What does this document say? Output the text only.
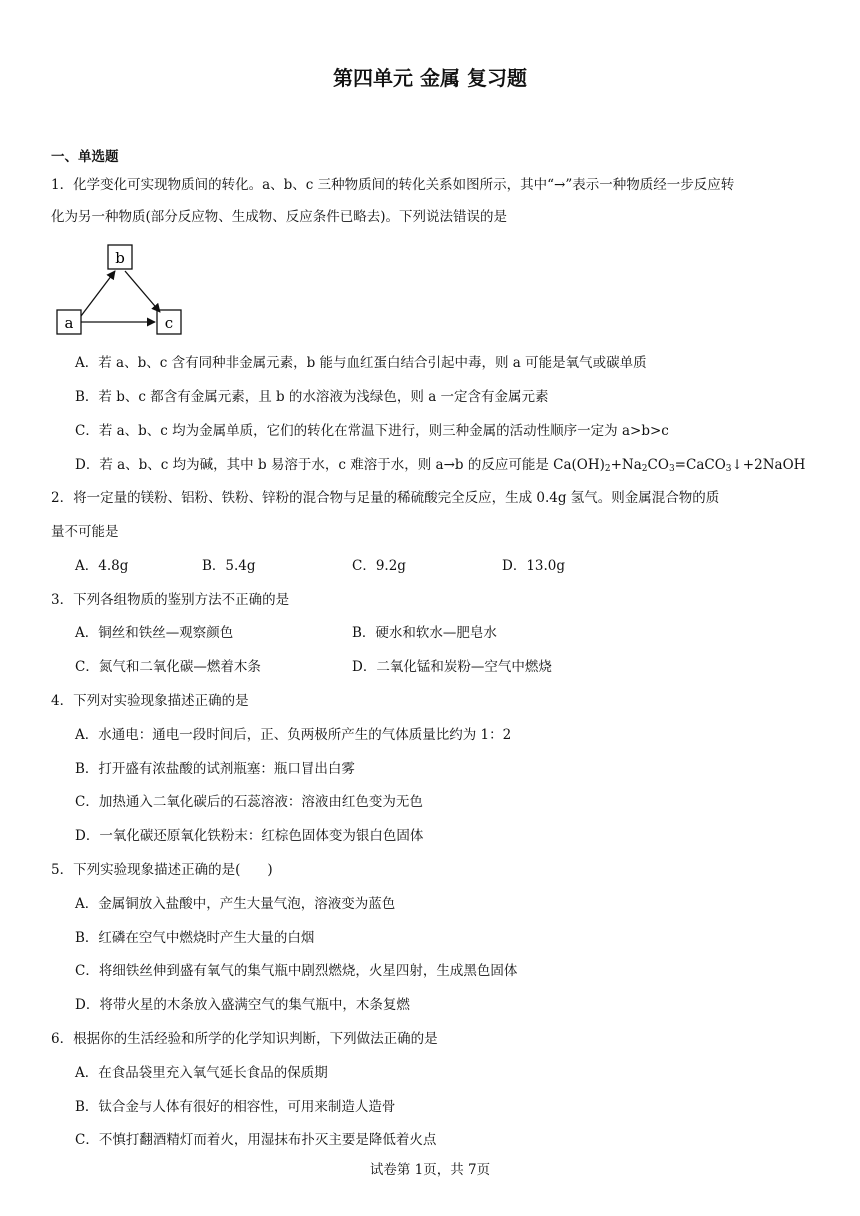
第四单元 金属 复习题
一、单选题
1．化学变化可实现物质间的转化。a、b、c 三种物质间的转化关系如图所示，其中“→”表示一种物质经一步反应转
化为另一种物质(部分反应物、生成物、反应条件已略去)。下列说法错误的是
b
a	c
A．若 a、b、c 含有同种非金属元素，b 能与血红蛋白结合引起中毒，则 a 可能是氧气或碳单质
B．若 b、c 都含有金属元素，且 b 的水溶液为浅绿色，则 a 一定含有金属元素
C．若 a、b、c 均为金属单质，它们的转化在常温下进行，则三种金属的活动性顺序一定为 a>b>c
D．若 a、b、c 均为碱，其中 b 易溶于水，c 难溶于水，则 a→b 的反应可能是 $Ca(OH)_2+Na_2CO_3=CaCO_3↓+2NaOH$
2．将一定量的镁粉、铝粉、铁粉、锌粉的混合物与足量的稀硫酸完全反应，生成 0.4g 氢气。则金属混合物的质
量不可能是
A．4.8g	B．5.4g	C．9.2g	D．13.0g
3．下列各组物质的鉴别方法不正确的是
A．铜丝和铁丝—观察颜色	B．硬水和软水—肥皂水
C．氮气和二氧化碳—燃着木条	D．二氧化锰和炭粉—空气中燃烧
4．下列对实验现象描述正确的是
A．水通电：通电一段时间后，正、负两极所产生的气体质量比约为 1：2
B．打开盛有浓盐酸的试剂瓶塞：瓶口冒出白雾
C．加热通入二氧化碳后的石蕊溶液：溶液由红色变为无色
D．一氧化碳还原氧化铁粉末：红棕色固体变为银白色固体
5．下列实验现象描述正确的是(　　)
A．金属铜放入盐酸中，产生大量气泡，溶液变为蓝色
B．红磷在空气中燃烧时产生大量的白烟
C．将细铁丝伸到盛有氧气的集气瓶中剧烈燃烧，火星四射，生成黑色固体
D．将带火星的木条放入盛满空气的集气瓶中，木条复燃
6．根据你的生活经验和所学的化学知识判断，下列做法正确的是
A．在食品袋里充入氧气延长食品的保质期
B．钛合金与人体有很好的相容性，可用来制造人造骨
C．不慎打翻酒精灯而着火，用湿抹布扑灭主要是降低着火点
试卷第 1页，共 7页
